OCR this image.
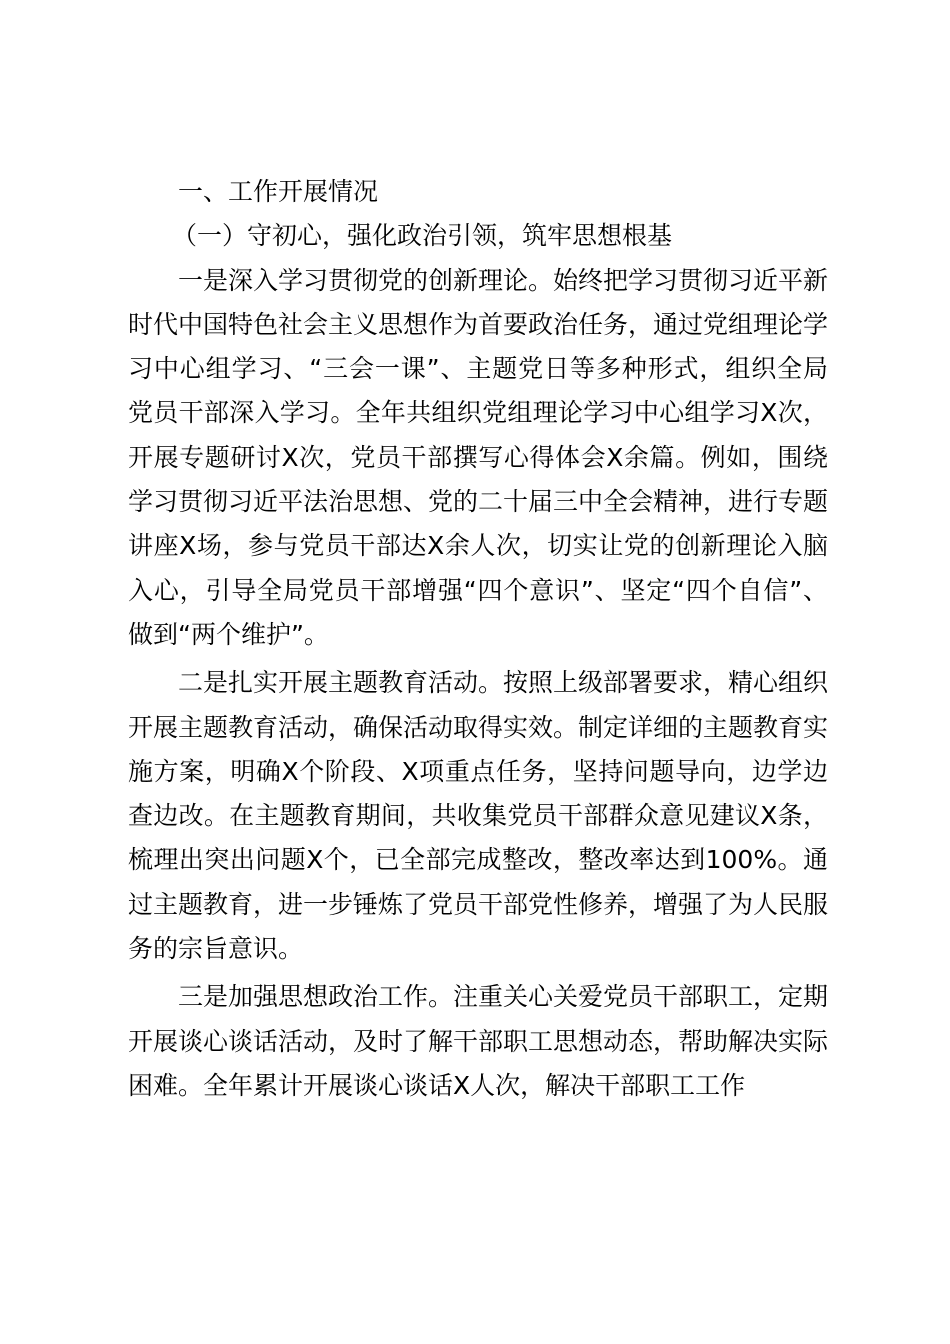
一、工作开展情况

（一）守初心，强化政治引领，筑牢思想根基

一是深入学习贯彻党的创新理论。始终把学习贯彻习近平新时代中国特色社会主义思想作为首要政治任务，通过党组理论学习中心组学习、“三会一课”、主题党日等多种形式，组织全局党员干部深入学习。全年共组织党组理论学习中心组学习X次，开展专题研讨X次，党员干部撰写心得体会X余篇。例如，围绕学习贯彻习近平法治思想、党的二十届三中全会精神，进行专题讲座X场，参与党员干部达X余人次，切实让党的创新理论入脑入心，引导全局党员干部增强“四个意识”、坚定“四个自信”、做到“两个维护”。

二是扎实开展主题教育活动。按照上级部署要求，精心组织开展主题教育活动，确保活动取得实效。制定详细的主题教育实施方案，明确X个阶段、X项重点任务，坚持问题导向，边学边查边改。在主题教育期间，共收集党员干部群众意见建议X条，梳理出突出问题X个，已全部完成整改，整改率达到100%。通过主题教育，进一步锤炼了党员干部党性修养，增强了为人民服务的宗旨意识。

三是加强思想政治工作。注重关心关爱党员干部职工，定期开展谈心谈话活动，及时了解干部职工思想动态，帮助解决实际困难。全年累计开展谈心谈话X人次，解决干部职工工作
